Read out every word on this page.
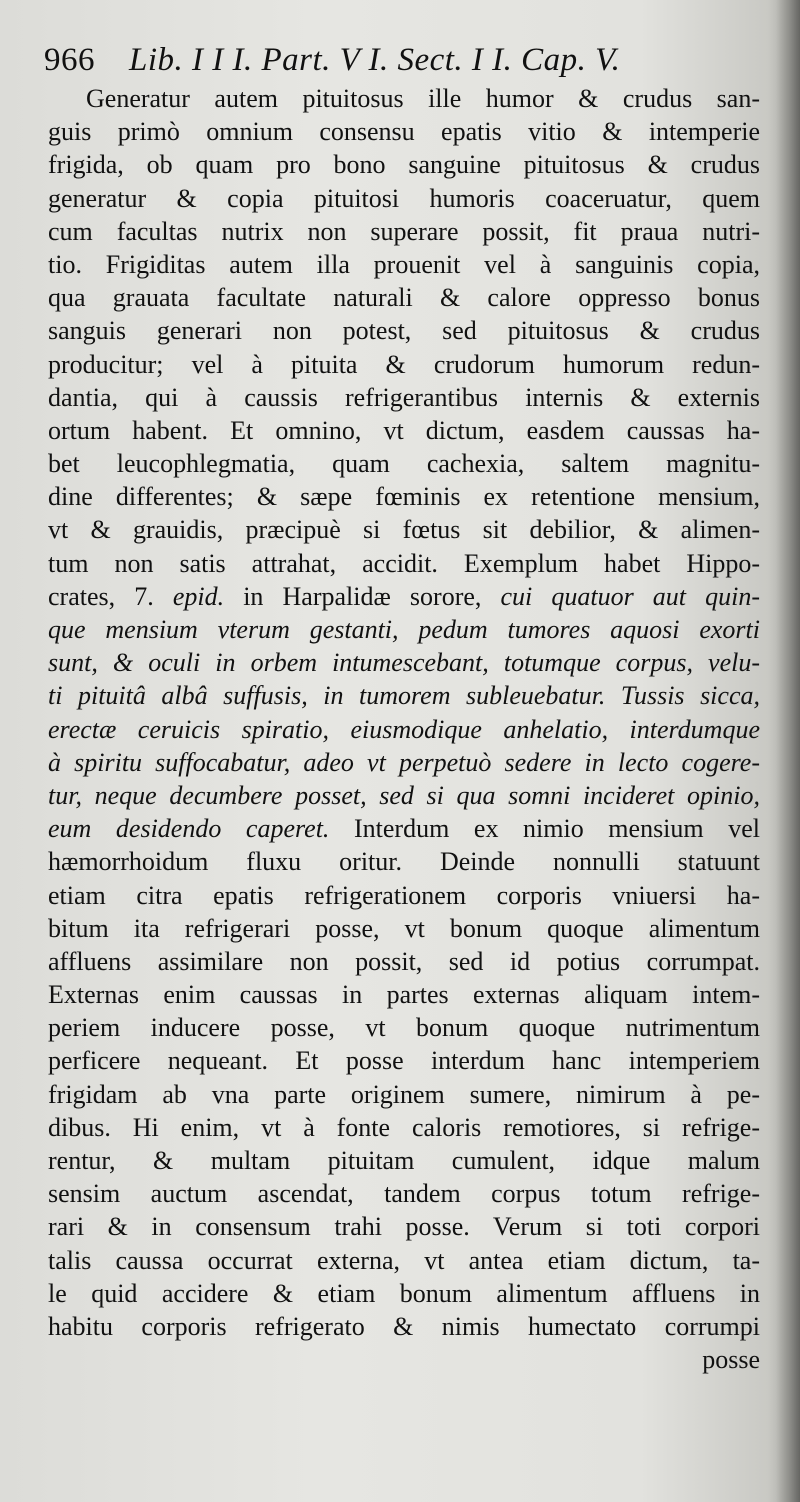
966 Lib. I I I. Part. V I. Sect. I I. Cap. V.
Generatur autem pituitosus ille humor & crudus san-
guis primò omnium consensu epatis vitio & intemperie
frigida, ob quam pro bono sanguine pituitosus & crudus
generatur & copia pituitosi humoris coaceruatur, quem
cum facultas nutrix non superare possit, fit praua nutri-
tio. Frigiditas autem illa prouenit vel à sanguinis copia,
qua grauata facultate naturali & calore oppresso bonus
sanguis generari non potest, sed pituitosus & crudus
producitur; vel à pituita & crudorum humorum redun-
dantia, qui à caussis refrigerantibus internis & externis
ortum habent. Et omnino, vt dictum, easdem caussas ha-
bet leucophlegmatia, quam cachexia, saltem magnitu-
dine differentes; & sæpe fœminis ex retentione mensium,
vt & grauidis, præcipuè si fœtus sit debilior, & alimen-
tum non satis attrahat, accidit. Exemplum habet Hippo-
crates, 7. epid. in Harpalidæ sorore, cui quatuor aut quin-
que mensium vterum gestanti, pedum tumores aquosi exorti
sunt, & oculi in orbem intumescebant, totumque corpus, velu-
ti pituitâ albâ suffusis, in tumorem subleuebatur. Tussis sicca,
erectæ ceruicis spiratio, eiusmodique anhelatio, interdumque
à spiritu suffocabatur, adeo vt perpetuò sedere in lecto cogere-
tur, neque decumbere posset, sed si qua somni incideret opinio,
eum desidendo caperet. Interdum ex nimio mensium vel
hæmorrhoidum fluxu oritur. Deinde nonnulli statuunt
etiam citra epatis refrigerationem corporis vniuersi ha-
bitum ita refrigerari posse, vt bonum quoque alimentum
affluens assimilare non possit, sed id potius corrumpat.
Externas enim caussas in partes externas aliquam intem-
periem inducere posse, vt bonum quoque nutrimentum
perficere nequeant. Et posse interdum hanc intemperiem
frigidam ab vna parte originem sumere, nimirum à pe-
dibus. Hi enim, vt à fonte caloris remotiores, si refrige-
rentur, & multam pituitam cumulent, idque malum
sensim auctum ascendat, tandem corpus totum refrige-
rari & in consensum trahi posse. Verum si toti corpori
talis caussa occurrat externa, vt antea etiam dictum, ta-
le quid accidere & etiam bonum alimentum affluens in
habitu corporis refrigerato & nimis humectato corrumpi
posse
